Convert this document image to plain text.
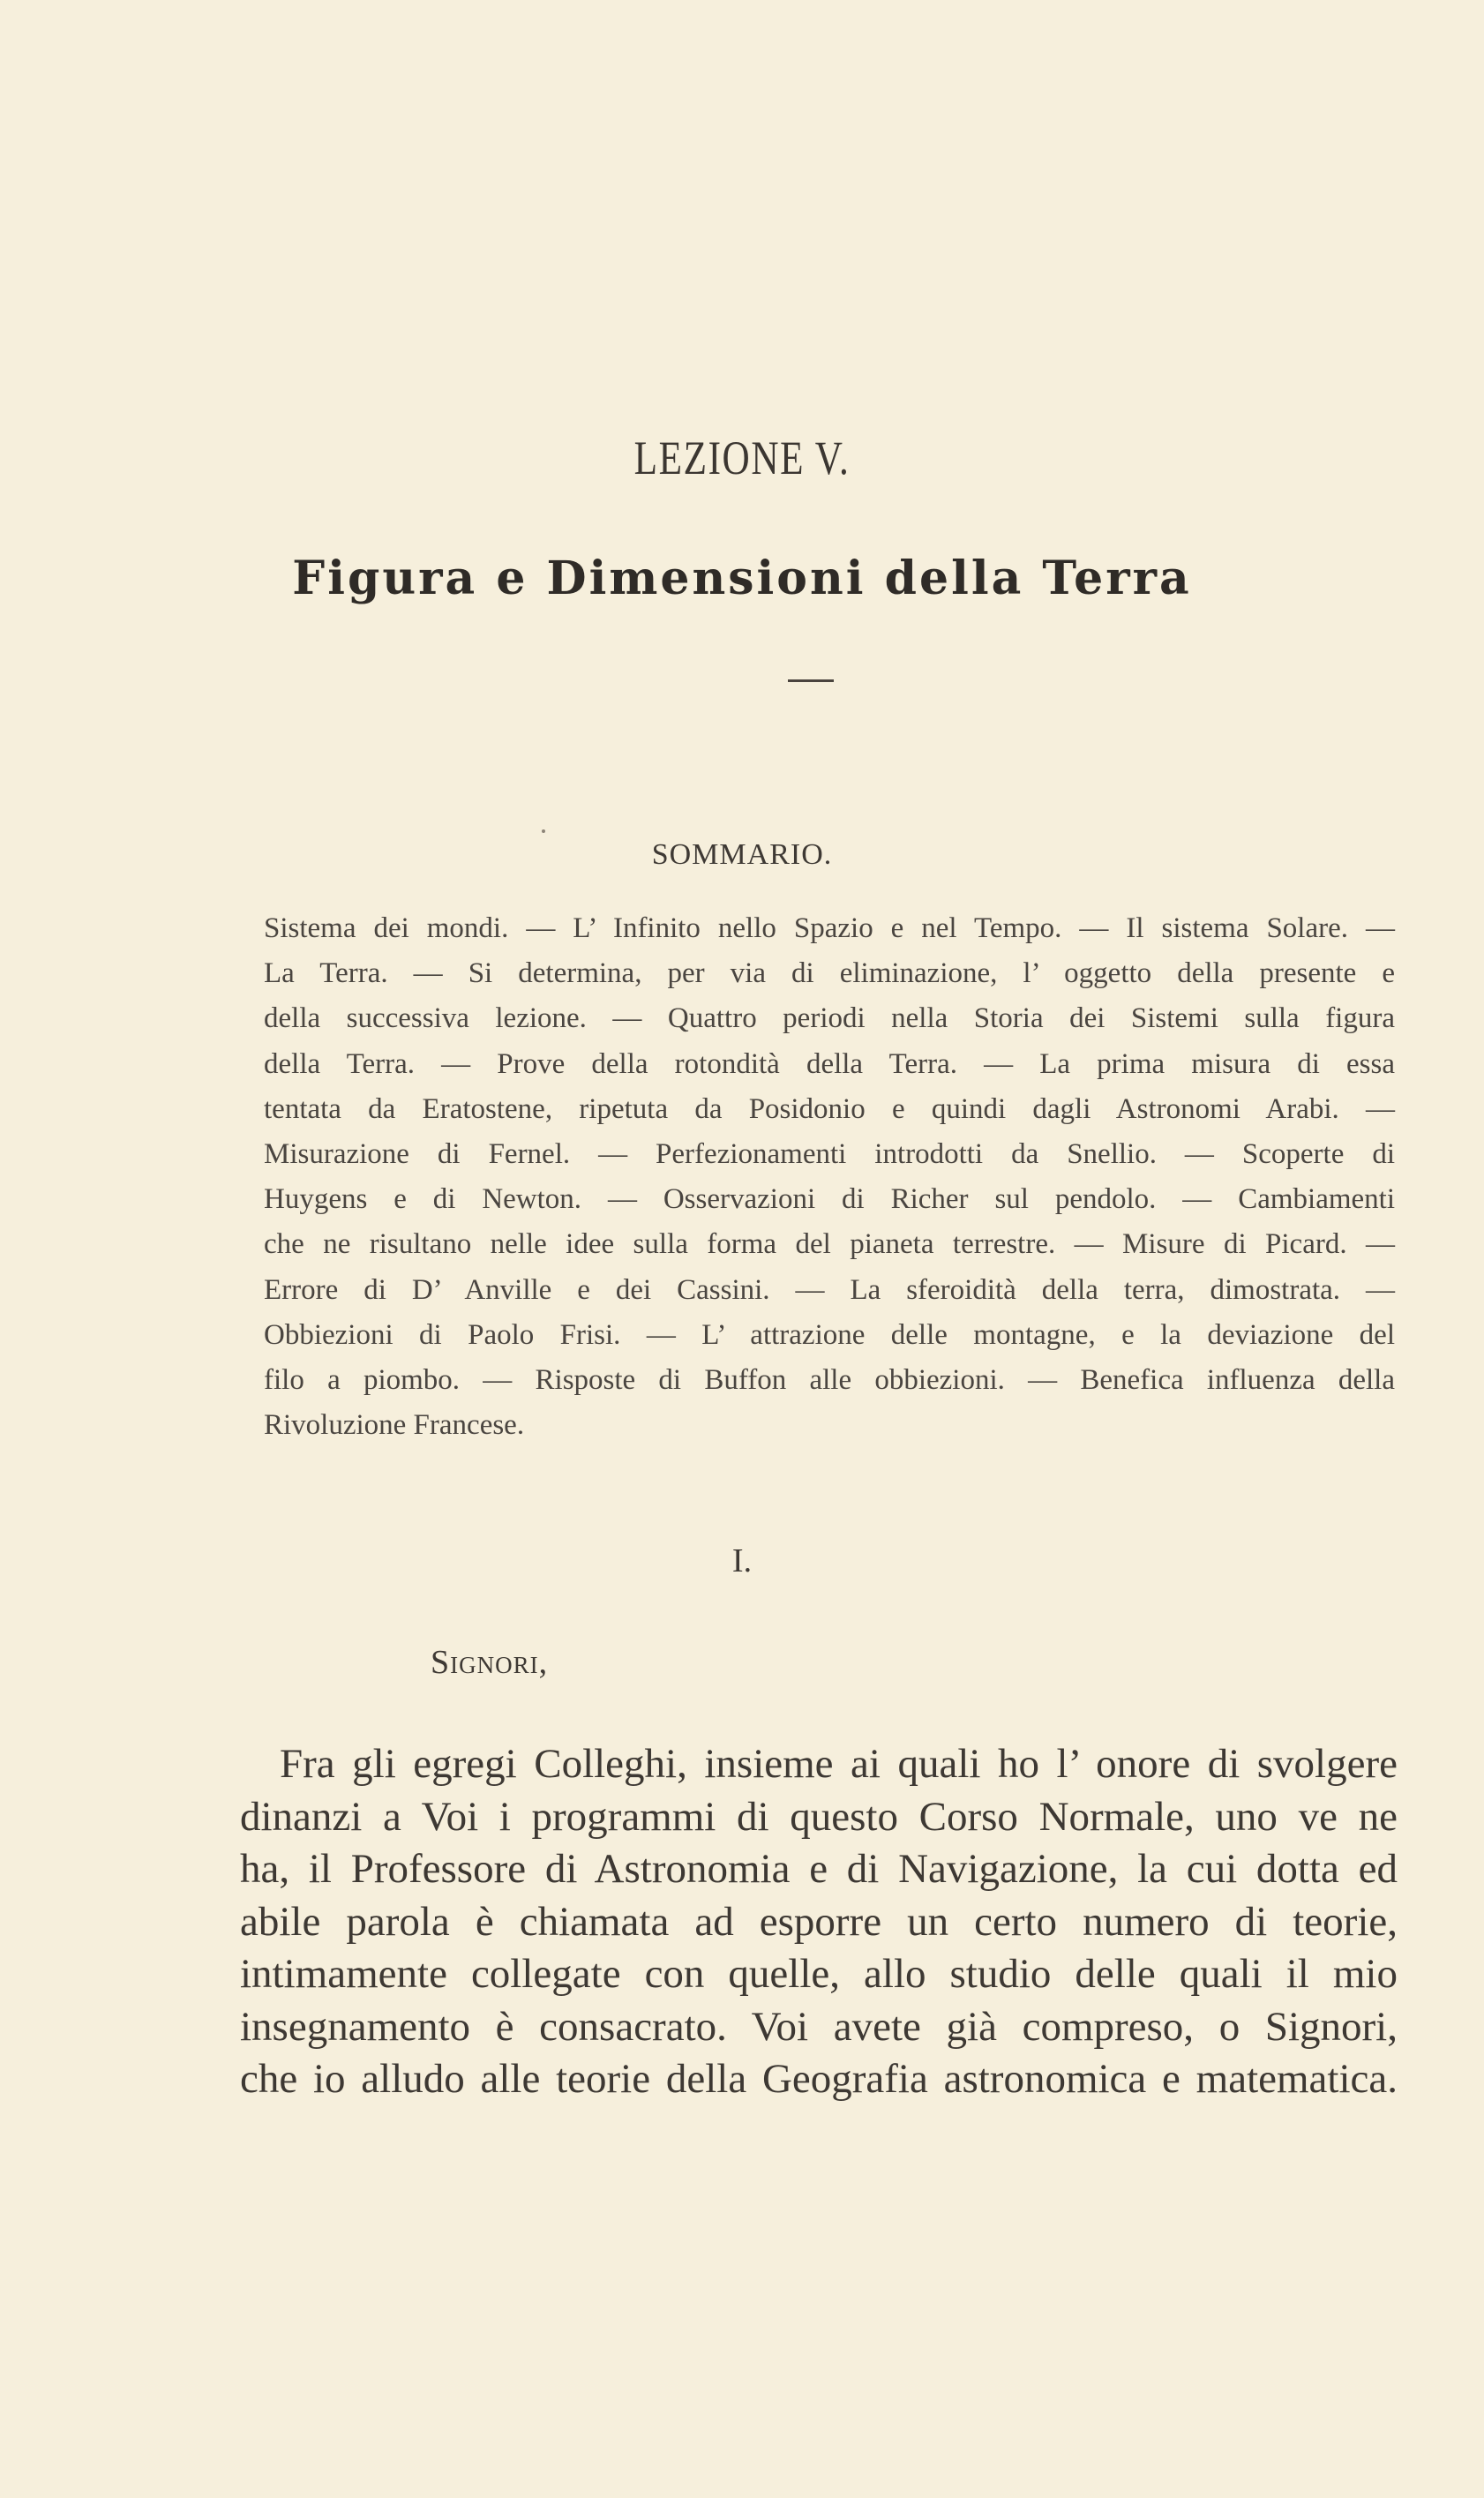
LEZIONE V.
Figura e Dimensioni della Terra
SOMMARIO.
Sistema dei mondi. — L’ Infinito nello Spazio e nel Tempo. — Il sistema Solare. —
La Terra. — Si determina, per via di eliminazione, l’ oggetto della presente e
della successiva lezione. — Quattro periodi nella Storia dei Sistemi sulla figura
della Terra. — Prove della rotondità della Terra. — La prima misura di essa
tentata da Eratostene, ripetuta da Posidonio e quindi dagli Astronomi Arabi. —
Misurazione di Fernel. — Perfezionamenti introdotti da Snellio. — Scoperte di
Huygens e di Newton. — Osservazioni di Richer sul pendolo. — Cambiamenti
che ne risultano nelle idee sulla forma del pianeta terrestre. — Misure di Picard. —
Errore di D’ Anville e dei Cassini. — La sferoidità della terra, dimostrata. —
Obbiezioni di Paolo Frisi. — L’ attrazione delle montagne, e la deviazione del
filo a piombo. — Risposte di Buffon alle obbiezioni. — Benefica influenza della
Rivoluzione Francese.
I.
Signori,
Fra gli egregi Colleghi, insieme ai quali ho l’ onore di svolgere
dinanzi a Voi i programmi di questo Corso Normale, uno ve ne
ha, il Professore di Astronomia e di Navigazione, la cui dotta ed
abile parola è chiamata ad esporre un certo numero di teorie,
intimamente collegate con quelle, allo studio delle quali il mio
insegnamento è consacrato. Voi avete già compreso, o Signori,
che io alludo alle teorie della Geografia astronomica e matematica.
